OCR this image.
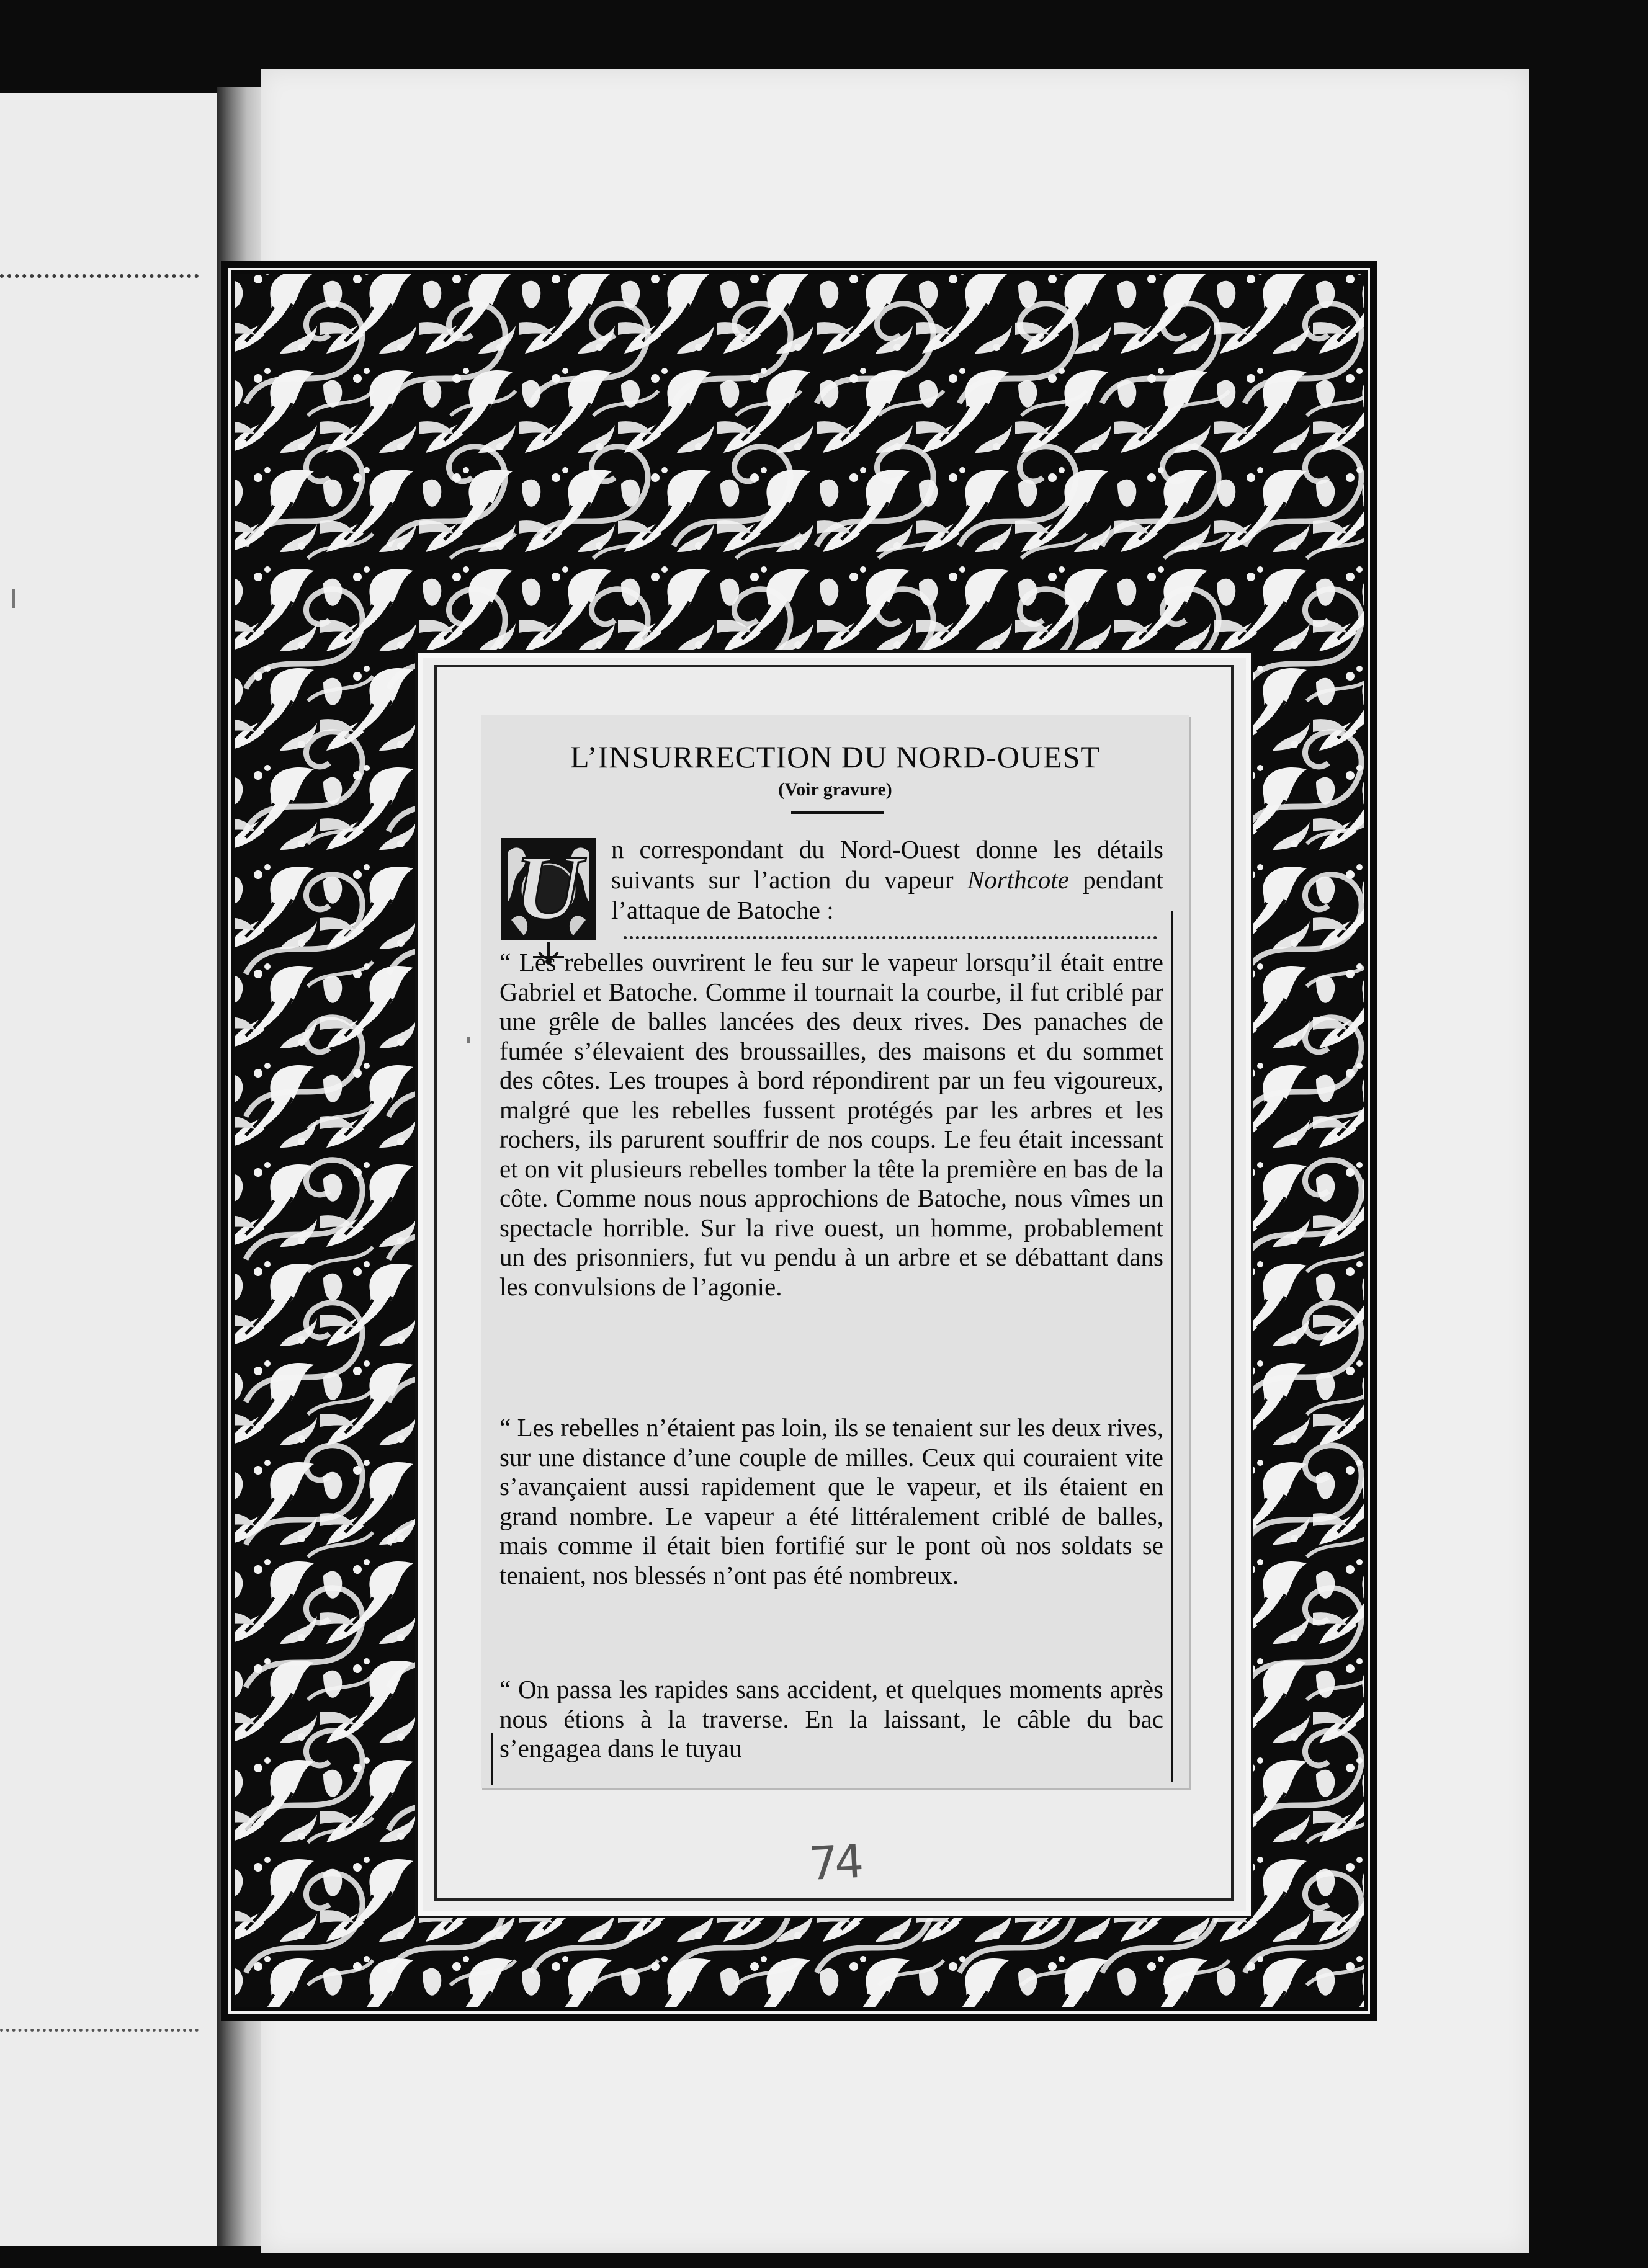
L’INSURRECTION DU NORD-OUEST
(Voir gravure)
U	n correspondant du Nord-Ouest donne les détails suivants sur l’action du vapeur Northcote pendant l’attaque de Batoche :
“ Les rebelles ouvrirent le feu sur le vapeur lorsqu’il était entre Gabriel et Batoche. Comme il tournait la courbe, il fut criblé par une grêle de balles lancées des deux rives. Des panaches de fumée s’élevaient des broussailles, des maisons et du sommet des côtes. Les troupes à bord répondirent par un feu vigoureux, malgré que les rebelles fussent protégés par les arbres et les rochers, ils parurent souffrir de nos coups. Le feu était incessant et on vit plusieurs rebelles tomber la tête la première en bas de la côte. Comme nous nous approchions de Batoche, nous vîmes un spectacle horrible. Sur la rive ouest, un homme, probablement un des prisonniers, fut vu pendu à un arbre et se débattant dans les convulsions de l’agonie.
“ Les rebelles n’étaient pas loin, ils se tenaient sur les deux rives, sur une distance d’une couple de milles. Ceux qui couraient vite s’avançaient aussi rapidement que le vapeur, et ils étaient en grand nombre. Le vapeur a été littéralement criblé de balles, mais comme il était bien fortifié sur le pont où nos soldats se tenaient, nos blessés n’ont pas été nombreux.
“ On passa les rapides sans accident, et quelques moments après nous étions à la traverse. En la laissant, le câble du bac s’engagea dans le tuyau
74
